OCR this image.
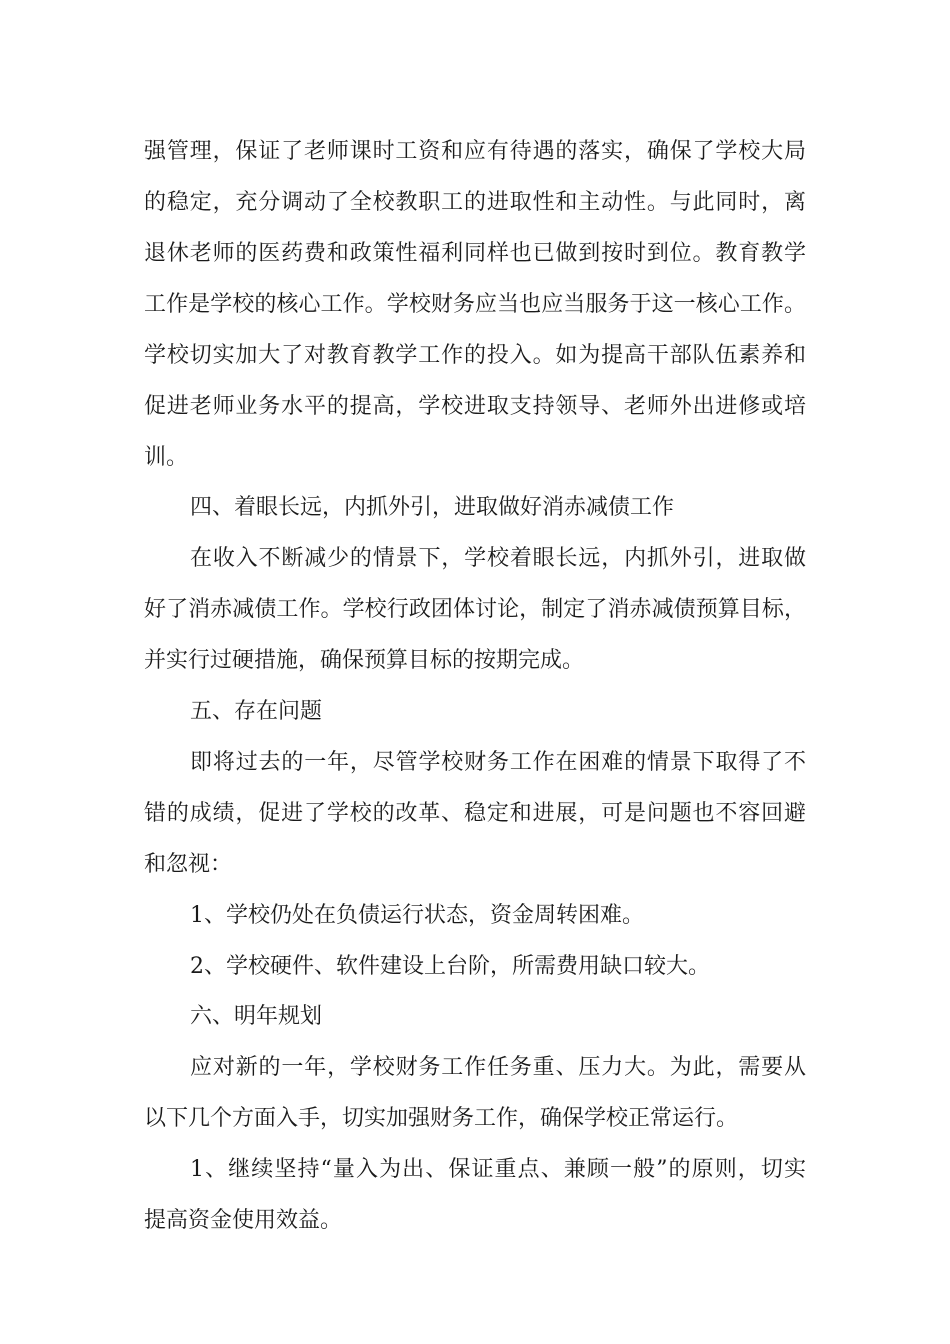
强管理，保证了老师课时工资和应有待遇的落实，确保了学校大局
的稳定，充分调动了全校教职工的进取性和主动性。与此同时，离
退休老师的医药费和政策性福利同样也已做到按时到位。教育教学
工作是学校的核心工作。学校财务应当也应当服务于这一核心工作。
学校切实加大了对教育教学工作的投入。如为提高干部队伍素养和
促进老师业务水平的提高，学校进取支持领导、老师外出进修或培
训。
四、着眼长远，内抓外引，进取做好消赤减债工作
在收入不断减少的情景下，学校着眼长远，内抓外引，进取做
好了消赤减债工作。学校行政团体讨论，制定了消赤减债预算目标，
并实行过硬措施，确保预算目标的按期完成。
五、存在问题
即将过去的一年，尽管学校财务工作在困难的情景下取得了不
错的成绩，促进了学校的改革、稳定和进展，可是问题也不容回避
和忽视：
1、学校仍处在负债运行状态，资金周转困难。
2、学校硬件、软件建设上台阶，所需费用缺口较大。
六、明年规划
应对新的一年，学校财务工作任务重、压力大。为此，需要从
以下几个方面入手，切实加强财务工作，确保学校正常运行。
1、继续坚持“量入为出、保证重点、兼顾一般”的原则，切实
提高资金使用效益。
